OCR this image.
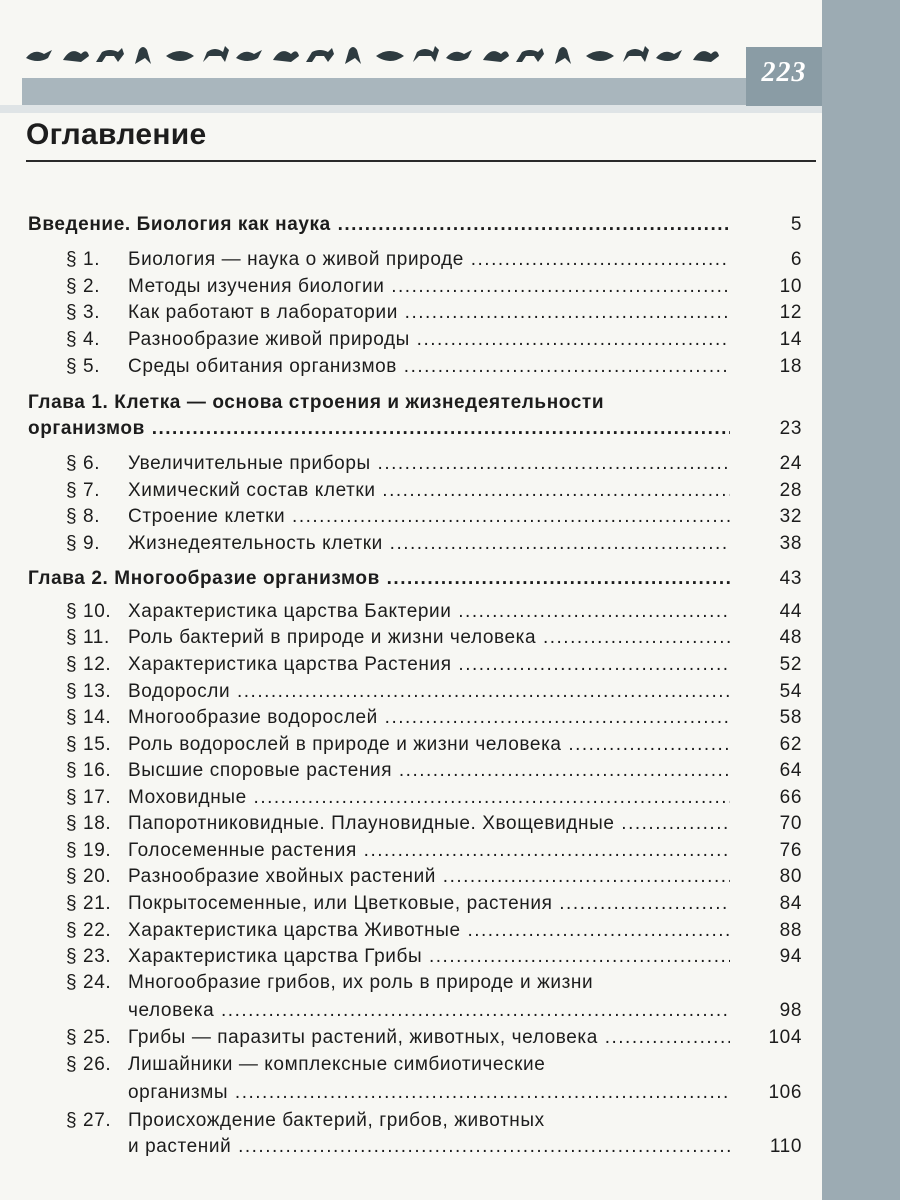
223
Оглавление
Введение. Биология как наука .....	5
§ 1. Биология — наука о живой природе .....	6
§ 2. Методы изучения биологии .....	10
§ 3. Как работают в лаборатории .....	12
§ 4. Разнообразие живой природы .....	14
§ 5. Среды обитания организмов .....	18
Глава 1. Клетка — основа строения и жизнедеятельности
организмов .....	23
§ 6. Увеличительные приборы .....	24
§ 7. Химический состав клетки .....	28
§ 8. Строение клетки .....	32
§ 9. Жизнедеятельность клетки .....	38
Глава 2. Многообразие организмов .....	43
§ 10. Характеристика царства Бактерии .....	44
§ 11. Роль бактерий в природе и жизни человека .....	48
§ 12. Характеристика царства Растения .....	52
§ 13. Водоросли .....	54
§ 14. Многообразие водорослей .....	58
§ 15. Роль водорослей в природе и жизни человека .....	62
§ 16. Высшие споровые растения .....	64
§ 17. Моховидные .....	66
§ 18. Папоротниковидные. Плауновидные. Хвощевидные .....	70
§ 19. Голосеменные растения .....	76
§ 20. Разнообразие хвойных растений .....	80
§ 21. Покрытосеменные, или Цветковые, растения .....	84
§ 22. Характеристика царства Животные .....	88
§ 23. Характеристика царства Грибы .....	94
§ 24. Многообразие грибов, их роль в природе и жизни
человека .....	98
§ 25. Грибы — паразиты растений, животных, человека .....	104
§ 26. Лишайники — комплексные симбиотические
организмы .....	106
§ 27. Происхождение бактерий, грибов, животных
и растений .....	110
